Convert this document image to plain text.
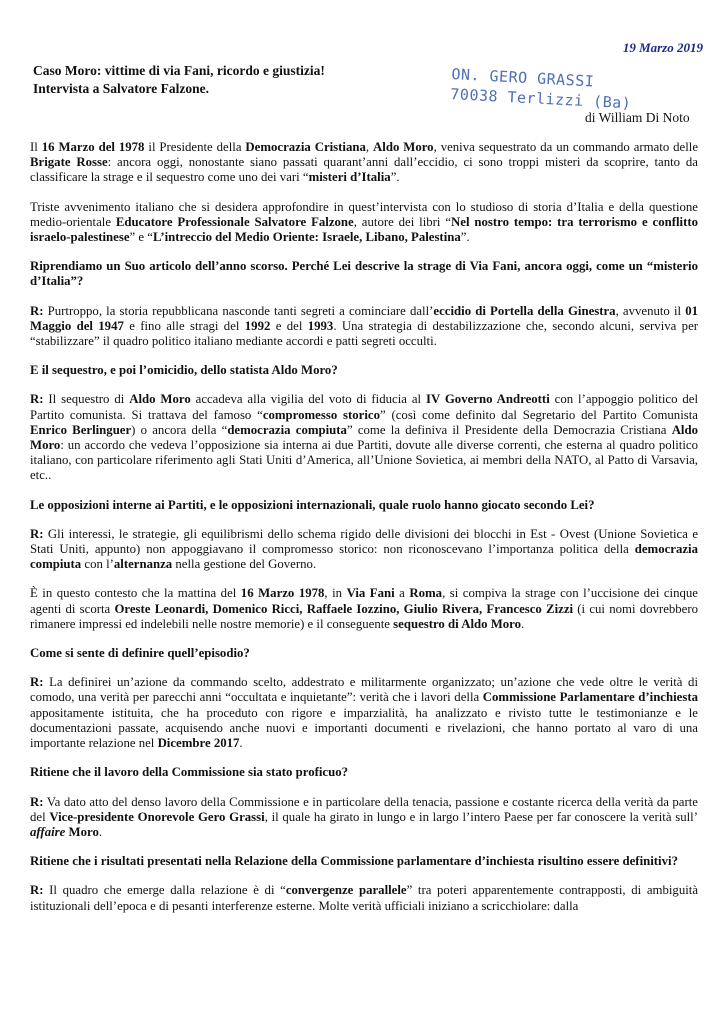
19 Marzo 2019
Caso Moro: vittime di via Fani, ricordo e giustizia!
Intervista a Salvatore Falzone.	ON. GERO GRASSI
70038 Terlizzi (Ba)
di William Di Noto

Il 16 Marzo del 1978 il Presidente della Democrazia Cristiana, Aldo Moro, veniva sequestrato da un commando armato delle Brigate Rosse: ancora oggi, nonostante siano passati quarant’anni dall’eccidio, ci sono troppi misteri da scoprire, tanto da classificare la strage e il sequestro come uno dei vari “misteri d’Italia”.

Triste avvenimento italiano che si desidera approfondire in quest’intervista con lo studioso di storia d’Italia e della questione medio-orientale Educatore Professionale Salvatore Falzone, autore dei libri “Nel nostro tempo: tra terrorismo e conflitto israelo-palestinese” e “L’intreccio del Medio Oriente: Israele, Libano, Palestina”.

Riprendiamo un Suo articolo dell’anno scorso. Perché Lei descrive la strage di Via Fani, ancora oggi, come un “misterio d’Italia”?

R: Purtroppo, la storia repubblicana nasconde tanti segreti a cominciare dall’eccidio di Portella della Ginestra, avvenuto il 01 Maggio del 1947 e fino alle stragi del 1992 e del 1993. Una strategia di destabilizzazione che, secondo alcuni, serviva per “stabilizzare” il quadro politico italiano mediante accordi e patti segreti occulti.

E il sequestro, e poi l’omicidio, dello statista Aldo Moro?

R: Il sequestro di Aldo Moro accadeva alla vigilia del voto di fiducia al IV Governo Andreotti con l’appoggio politico del Partito comunista. Si trattava del famoso “compromesso storico” (così come definito dal Segretario del Partito Comunista Enrico Berlinguer) o ancora della “democrazia compiuta” come la definiva il Presidente della Democrazia Cristiana Aldo Moro: un accordo che vedeva l’opposizione sia interna ai due Partiti, dovute alle diverse correnti, che esterna al quadro politico italiano, con particolare riferimento agli Stati Uniti d’America, all’Unione Sovietica, ai membri della NATO, al Patto di Varsavia, etc..

Le opposizioni interne ai Partiti, e le opposizioni internazionali, quale ruolo hanno giocato secondo Lei?

R: Gli interessi, le strategie, gli equilibrismi dello schema rigido delle divisioni dei blocchi in Est - Ovest (Unione Sovietica e Stati Uniti, appunto) non appoggiavano il compromesso storico: non riconoscevano l’importanza politica della democrazia compiuta con l’alternanza nella gestione del Governo.

È in questo contesto che la mattina del 16 Marzo 1978, in Via Fani a Roma, si compiva la strage con l’uccisione dei cinque agenti di scorta Oreste Leonardi, Domenico Ricci, Raffaele Iozzino, Giulio Rivera, Francesco Zizzi (i cui nomi dovrebbero rimanere impressi ed indelebili nelle nostre memorie) e il conseguente sequestro di Aldo Moro.

Come si sente di definire quell’episodio?

R: La definirei un’azione da commando scelto, addestrato e militarmente organizzato; un’azione che vede oltre le verità di comodo, una verità per parecchi anni “occultata e inquietante”: verità che i lavori della Commissione Parlamentare d’inchiesta appositamente istituita, che ha proceduto con rigore e imparzialità, ha analizzato e rivisto tutte le testimonianze e le documentazioni passate, acquisendo anche nuovi e importanti documenti e rivelazioni, che hanno portato al varo di una importante relazione nel Dicembre 2017.

Ritiene che il lavoro della Commissione sia stato proficuo?

R: Va dato atto del denso lavoro della Commissione e in particolare della tenacia, passione e costante ricerca della verità da parte del Vice-presidente Onorevole Gero Grassi, il quale ha girato in lungo e in largo l’intero Paese per far conoscere la verità sull’ affaire Moro.

Ritiene che i risultati presentati nella Relazione della Commissione parlamentare d’inchiesta risultino essere definitivi?

R: Il quadro che emerge dalla relazione è di “convergenze parallele” tra poteri apparentemente contrapposti, di ambiguità istituzionali dell’epoca e di pesanti interferenze esterne. Molte verità ufficiali iniziano a scricchiolare: dalla
